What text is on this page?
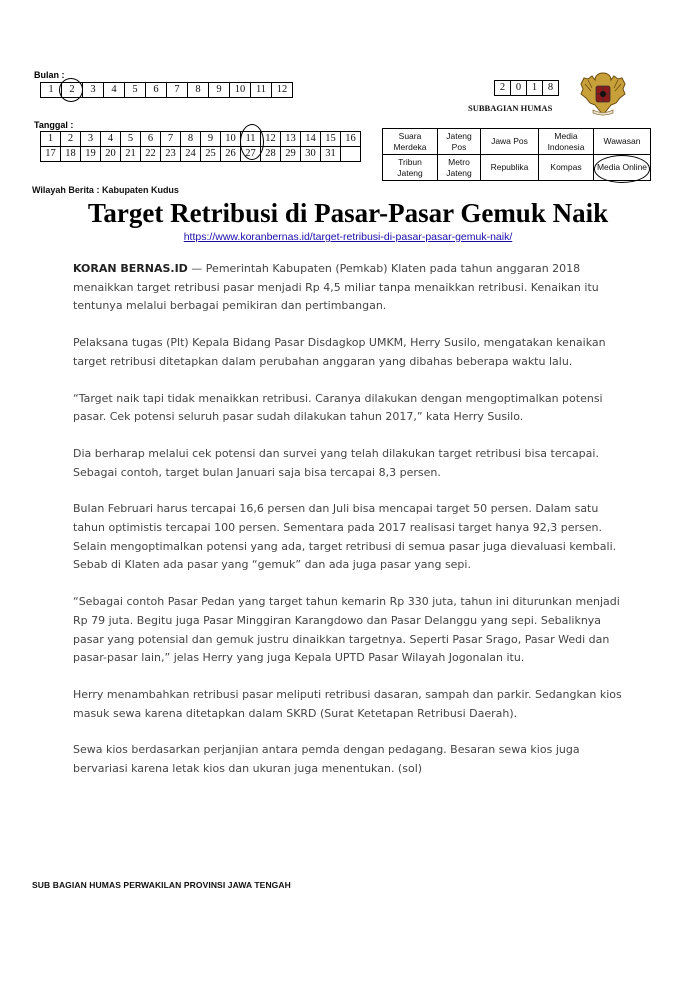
Bulan :
1	2	3	4	5	6	7	8	9	10	11	12
Tanggal :
1	2	3	4	5	6	7	8	9	10	11	12	13	14	15	16
17	18	19	20	21	22	23	24	25	26	27	28	29	30	31	
2	0	1	8
SUBBAGIAN HUMAS
Suara Merdeka	Jateng Pos	Jawa Pos	Media Indonesia	Wawasan
Tribun Jateng	Metro Jateng	Republika	Kompas	Media Online
Wilayah Berita : Kabupaten Kudus
Target Retribusi di Pasar-Pasar Gemuk Naik
https://www.koranbernas.id/target-retribusi-di-pasar-pasar-gemuk-naik/

KORAN BERNAS.ID — Pemerintah Kabupaten (Pemkab) Klaten pada tahun anggaran 2018 menaikkan target retribusi pasar menjadi Rp 4,5 miliar tanpa menaikkan retribusi. Kenaikan itu tentunya melalui berbagai pemikiran dan pertimbangan.

Pelaksana tugas (Plt) Kepala Bidang Pasar Disdagkop UMKM, Herry Susilo, mengatakan kenaikan target retribusi ditetapkan dalam perubahan anggaran yang dibahas beberapa waktu lalu.

“Target naik tapi tidak menaikkan retribusi. Caranya dilakukan dengan mengoptimalkan potensi pasar. Cek potensi seluruh pasar sudah dilakukan tahun 2017,” kata Herry Susilo.

Dia berharap melalui cek potensi dan survei yang telah dilakukan target retribusi bisa tercapai. Sebagai contoh, target bulan Januari saja bisa tercapai 8,3 persen.

Bulan Februari harus tercapai 16,6 persen dan Juli bisa mencapai target 50 persen. Dalam satu tahun optimistis tercapai 100 persen. Sementara pada 2017 realisasi target hanya 92,3 persen.

Selain mengoptimalkan potensi yang ada, target retribusi di semua pasar juga dievaluasi kembali. Sebab di Klaten ada pasar yang “gemuk” dan ada juga pasar yang sepi.

“Sebagai contoh Pasar Pedan yang target tahun kemarin Rp 330 juta, tahun ini diturunkan menjadi Rp 79 juta. Begitu juga Pasar Minggiran Karangdowo dan Pasar Delanggu yang sepi. Sebaliknya pasar yang potensial dan gemuk justru dinaikkan targetnya. Seperti Pasar Srago, Pasar Wedi dan pasar-pasar lain,” jelas Herry yang juga Kepala UPTD Pasar Wilayah Jogonalan itu.

Herry menambahkan retribusi pasar meliputi retribusi dasaran, sampah dan parkir. Sedangkan kios masuk sewa karena ditetapkan dalam SKRD (Surat Ketetapan Retribusi Daerah).

Sewa kios berdasarkan perjanjian antara pemda dengan pedagang. Besaran sewa kios juga bervariasi karena letak kios dan ukuran juga menentukan. (sol)

SUB BAGIAN HUMAS PERWAKILAN PROVINSI JAWA TENGAH
